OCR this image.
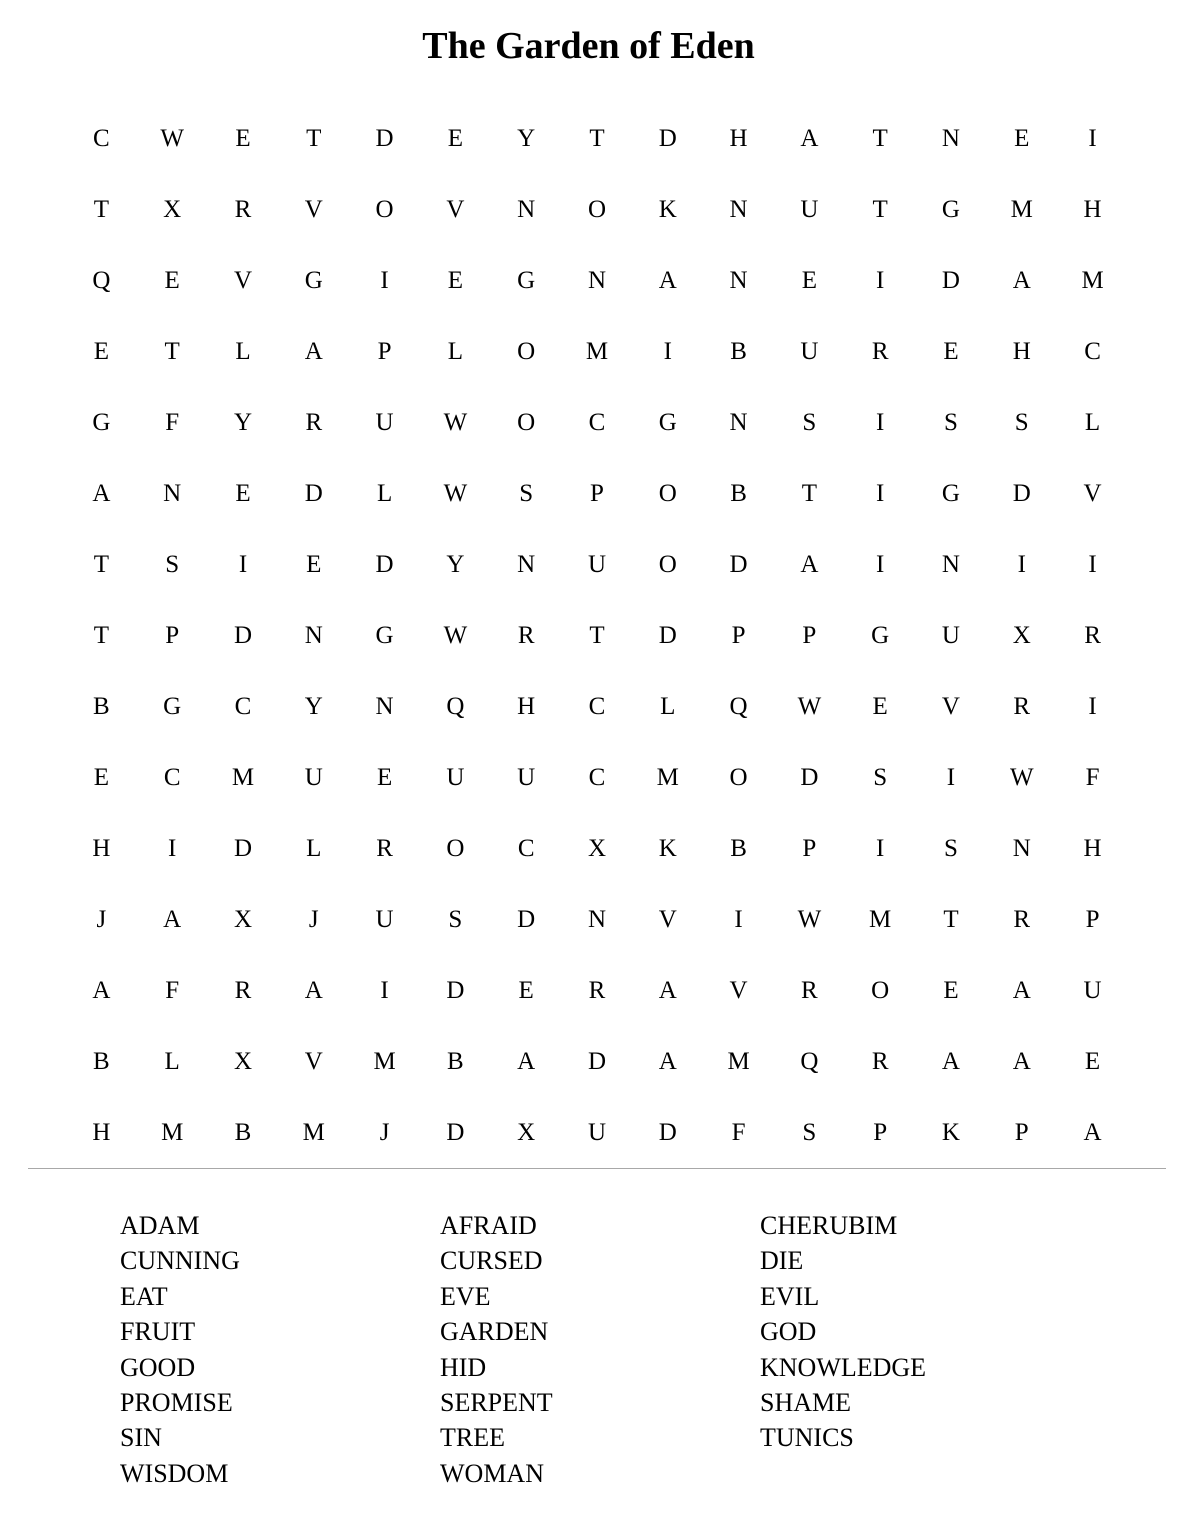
The Garden of Eden
C	W	E	T	D	E	Y	T	D	H	A	T	N	E	I
T	X	R	V	O	V	N	O	K	N	U	T	G	M	H
Q	E	V	G	I	E	G	N	A	N	E	I	D	A	M
E	T	L	A	P	L	O	M	I	B	U	R	E	H	C
G	F	Y	R	U	W	O	C	G	N	S	I	S	S	L
A	N	E	D	L	W	S	P	O	B	T	I	G	D	V
T	S	I	E	D	Y	N	U	O	D	A	I	N	I	I
T	P	D	N	G	W	R	T	D	P	P	G	U	X	R
B	G	C	Y	N	Q	H	C	L	Q	W	E	V	R	I
E	C	M	U	E	U	U	C	M	O	D	S	I	W	F
H	I	D	L	R	O	C	X	K	B	P	I	S	N	H
J	A	X	J	U	S	D	N	V	I	W	M	T	R	P
A	F	R	A	I	D	E	R	A	V	R	O	E	A	U
B	L	X	V	M	B	A	D	A	M	Q	R	A	A	E
H	M	B	M	J	D	X	U	D	F	S	P	K	P	A
ADAM
CUNNING
EAT
FRUIT
GOOD
PROMISE
SIN
WISDOM
AFRAID
CURSED
EVE
GARDEN
HID
SERPENT
TREE
WOMAN
CHERUBIM
DIE
EVIL
GOD
KNOWLEDGE
SHAME
TUNICS
